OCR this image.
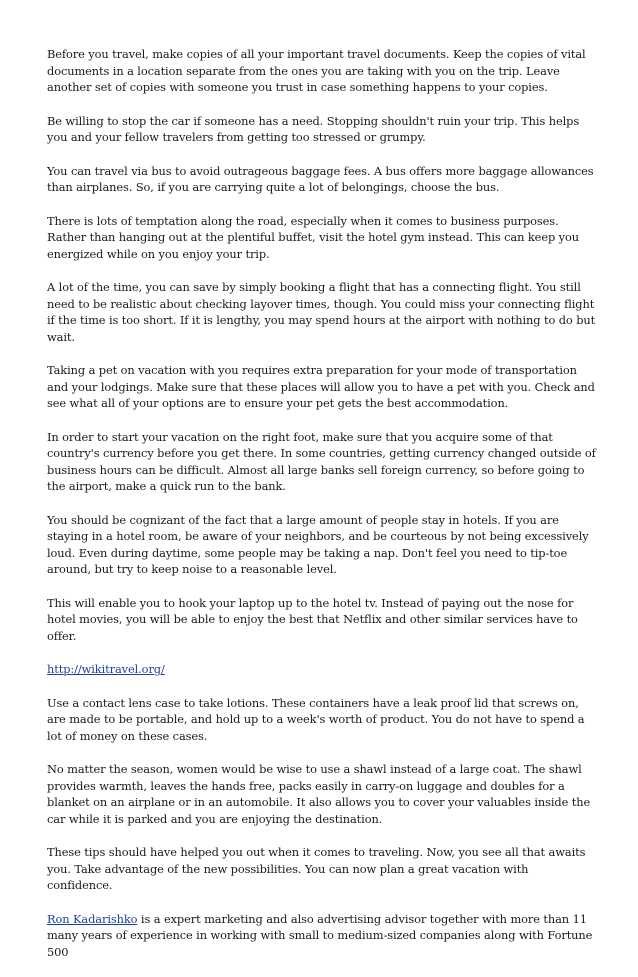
Before you travel, make copies of all your important travel documents. Keep the copies of vital documents in a location separate from the ones you are taking with you on the trip. Leave another set of copies with someone you trust in case something happens to your copies.

Be willing to stop the car if someone has a need. Stopping shouldn't ruin your trip. This helps you and your fellow travelers from getting too stressed or grumpy.

You can travel via bus to avoid outrageous baggage fees. A bus offers more baggage allowances than airplanes. So, if you are carrying quite a lot of belongings, choose the bus.

There is lots of temptation along the road, especially when it comes to business purposes. Rather than hanging out at the plentiful buffet, visit the hotel gym instead. This can keep you energized while on you enjoy your trip.

A lot of the time, you can save by simply booking a flight that has a connecting flight. You still need to be realistic about checking layover times, though. You could miss your connecting flight if the time is too short. If it is lengthy, you may spend hours at the airport with nothing to do but wait.

Taking a pet on vacation with you requires extra preparation for your mode of transportation and your lodgings. Make sure that these places will allow you to have a pet with you. Check and see what all of your options are to ensure your pet gets the best accommodation.

In order to start your vacation on the right foot, make sure that you acquire some of that country's currency before you get there. In some countries, getting currency changed outside of business hours can be difficult. Almost all large banks sell foreign currency, so before going to the airport, make a quick run to the bank.

You should be cognizant of the fact that a large amount of people stay in hotels. If you are staying in a hotel room, be aware of your neighbors, and be courteous by not being excessively loud. Even during daytime, some people may be taking a nap. Don't feel you need to tip-toe around, but try to keep noise to a reasonable level.

This will enable you to hook your laptop up to the hotel tv. Instead of paying out the nose for hotel movies, you will be able to enjoy the best that Netflix and other similar services have to offer.

http://wikitravel.org/

Use a contact lens case to take lotions. These containers have a leak proof lid that screws on, are made to be portable, and hold up to a week's worth of product. You do not have to spend a lot of money on these cases.

No matter the season, women would be wise to use a shawl instead of a large coat. The shawl provides warmth, leaves the hands free, packs easily in carry-on luggage and doubles for a blanket on an airplane or in an automobile. It also allows you to cover your valuables inside the car while it is parked and you are enjoying the destination.

These tips should have helped you out when it comes to traveling. Now, you see all that awaits you. Take advantage of the new possibilities. You can now plan a great vacation with confidence.

Ron Kadarishko is a expert marketing and also advertising advisor together with more than 11 many years of experience in working with small to medium-sized companies along with Fortune 500
